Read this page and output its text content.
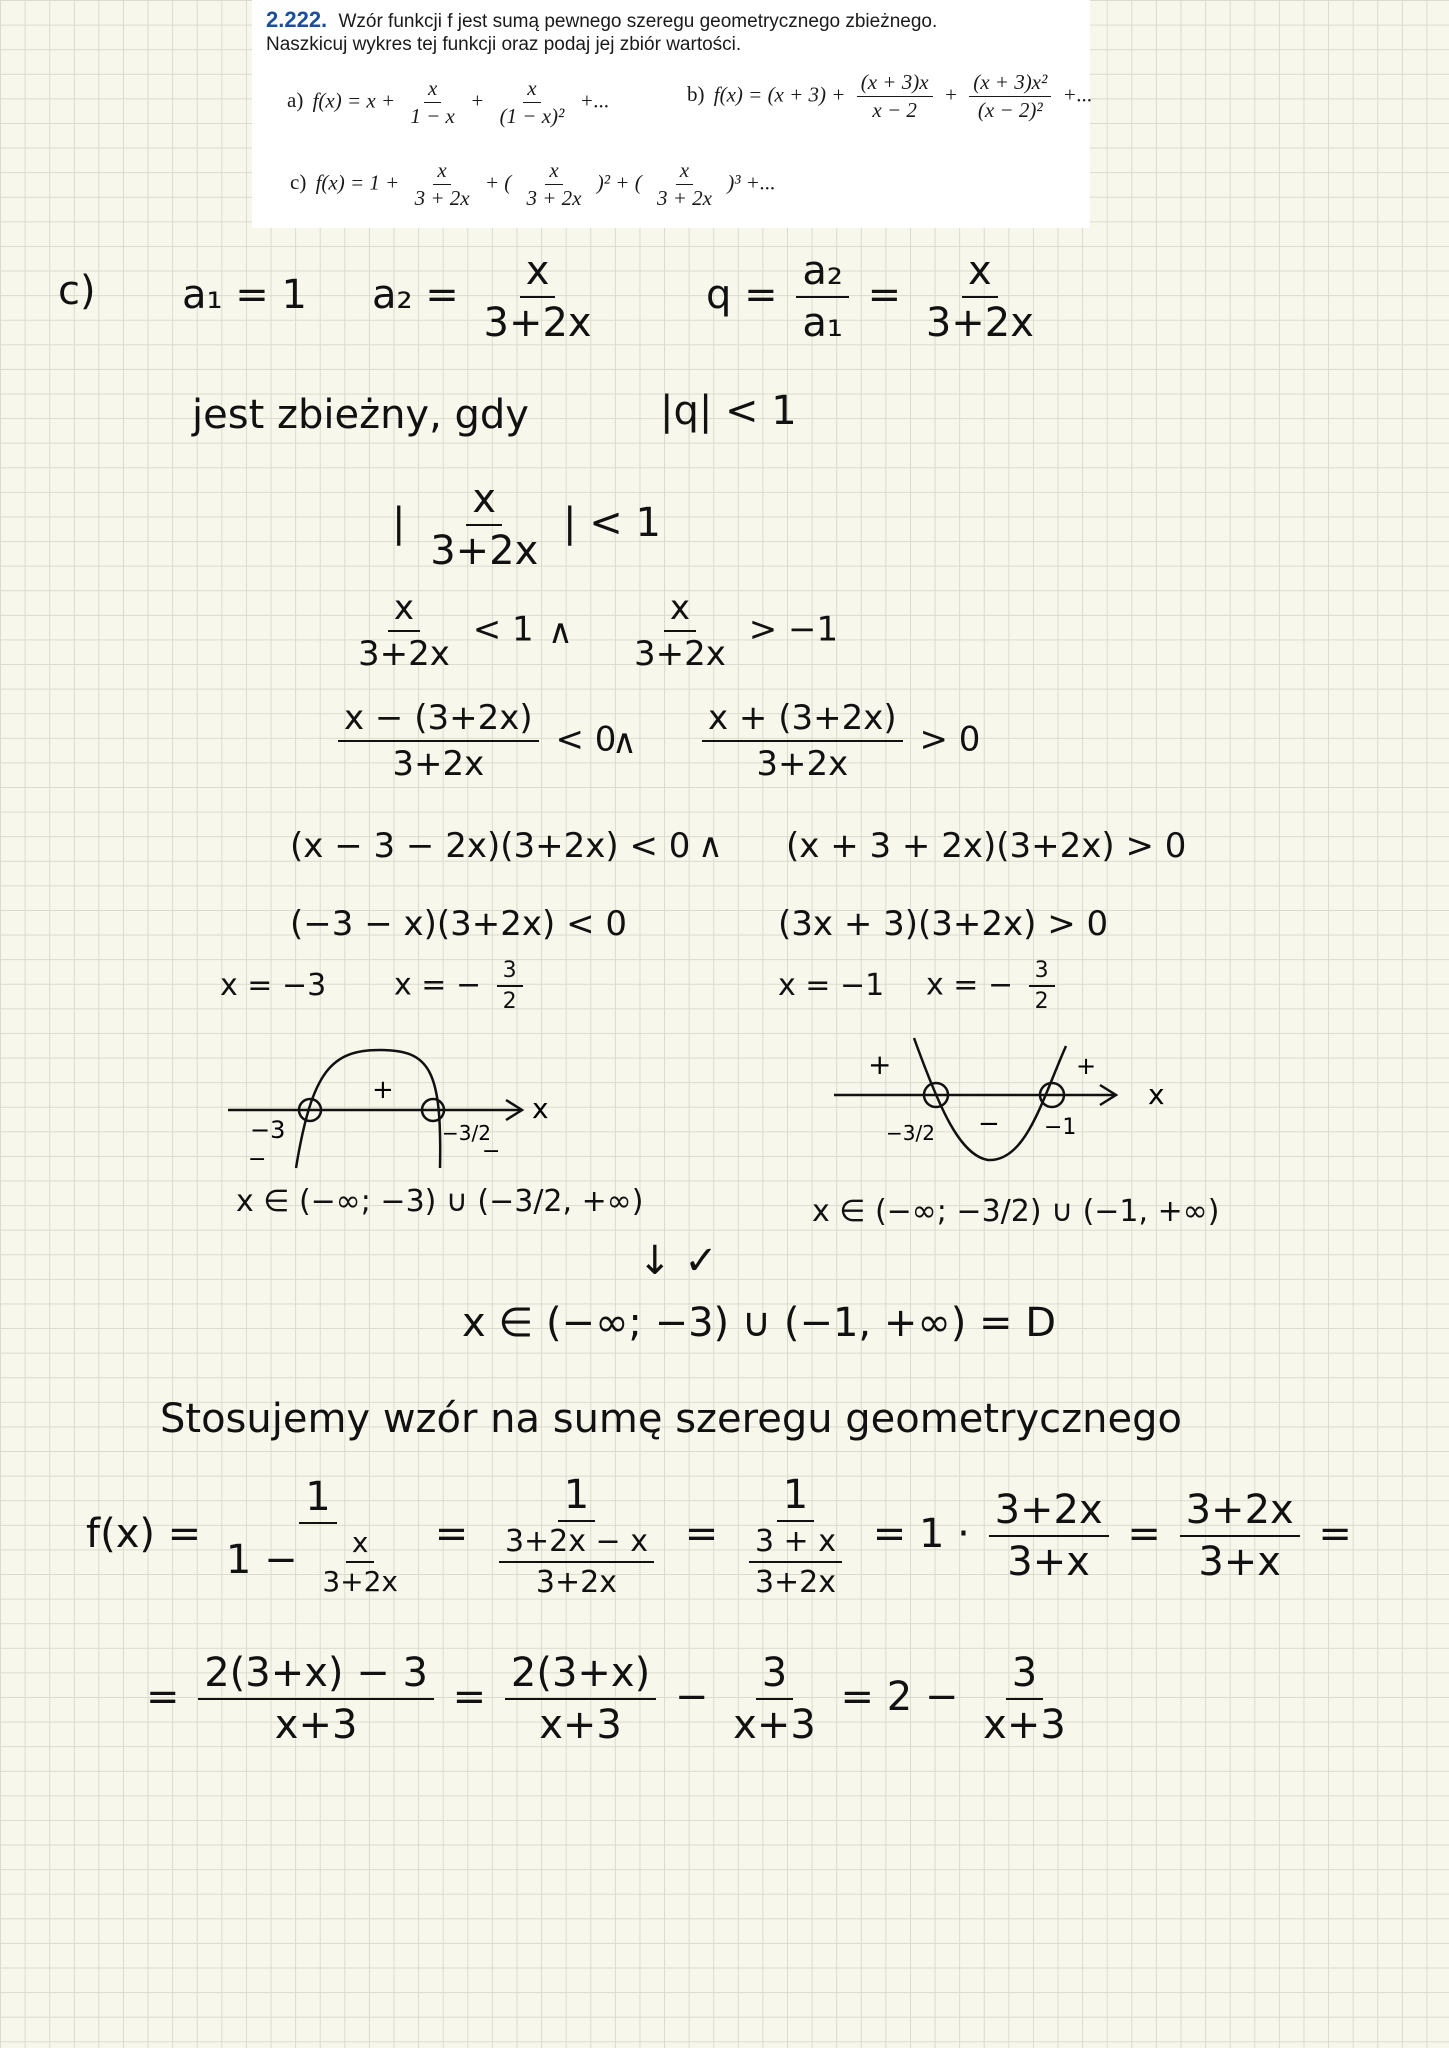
2.222. Wzór funkcji f jest sumą pewnego szeregu geometrycznego zbieżnego.
Naszkicuj wykres tej funkcji oraz podaj jej zbiór wartości.
a) $f(x) = x + \frac{x}{1 - x} + \frac{x}{\text{(1 − x)²}}$ +...	b) $f(x) = (x + 3) + \frac{(x + 3)x}{x - 2} + \frac{\text{(x + 3)x²}}{\text{(x − 2)²}}$ +...
c) $f(x) = 1 + \frac{x}{3 + 2x}$ + ( $\frac{x}{3 + 2x} )^2$ + ( $\frac{x}{3 + 2x} )^3$ +...
c) a₁ = 1 $a_2 = \frac{x}{3+2x}$	$q = \frac{\text{a₂}}{\text{a₁}} = \frac{x}{3+2x}$
jest zbieżny, gdy	|q| < 1
| $\frac{x}{3+2x}$ | < 1
$\frac{x}{3+2x} < 1$ ∧ $\frac{x}{3+2x} > -1$
$\frac{x - (3+2x)}{3+2x} < 0$
∧ $\frac{x + (3+2x)}{3+2x} > 0$
(x − 3 − 2x)(3+2x) < 0 ∧ (x + 3 + 2x)(3+2x) > 0
(−3 − x)(3+2x) < 0	(3x + 3)(3+2x) > 0
x = −3 x = − $\frac{3}{2}$	x = −1 x = − $\frac{3}{2}$
x
+
−3	−3/2
−	−
x
+	+
−
−3/2	−1
x ∈ (−∞; −3) ∪ (−3/2, +∞)	x ∈ (−∞; −3/2) ∪ (−1, +∞)
↓ ✓
x ∈ (−∞; −3) ∪ (−1, +∞) = D
Stosujemy wzór na sumę szeregu geometrycznego
$f(x) = \frac{1}{1 - \frac{x}{3+2x}} = \frac{1}{\frac{3+2x - x}{3+2x}} = \frac{1}{\frac{3 + x}{3+2x}} = 1 \cdot \frac{3+2x}{3+x} = \frac{3+2x}{3+x}$ =
= $\frac{2(3+x) - 3}{x+3} = \frac{2(3+x)}{x+3} - \frac{3}{x+3} = 2 - \frac{3}{x+3}$
